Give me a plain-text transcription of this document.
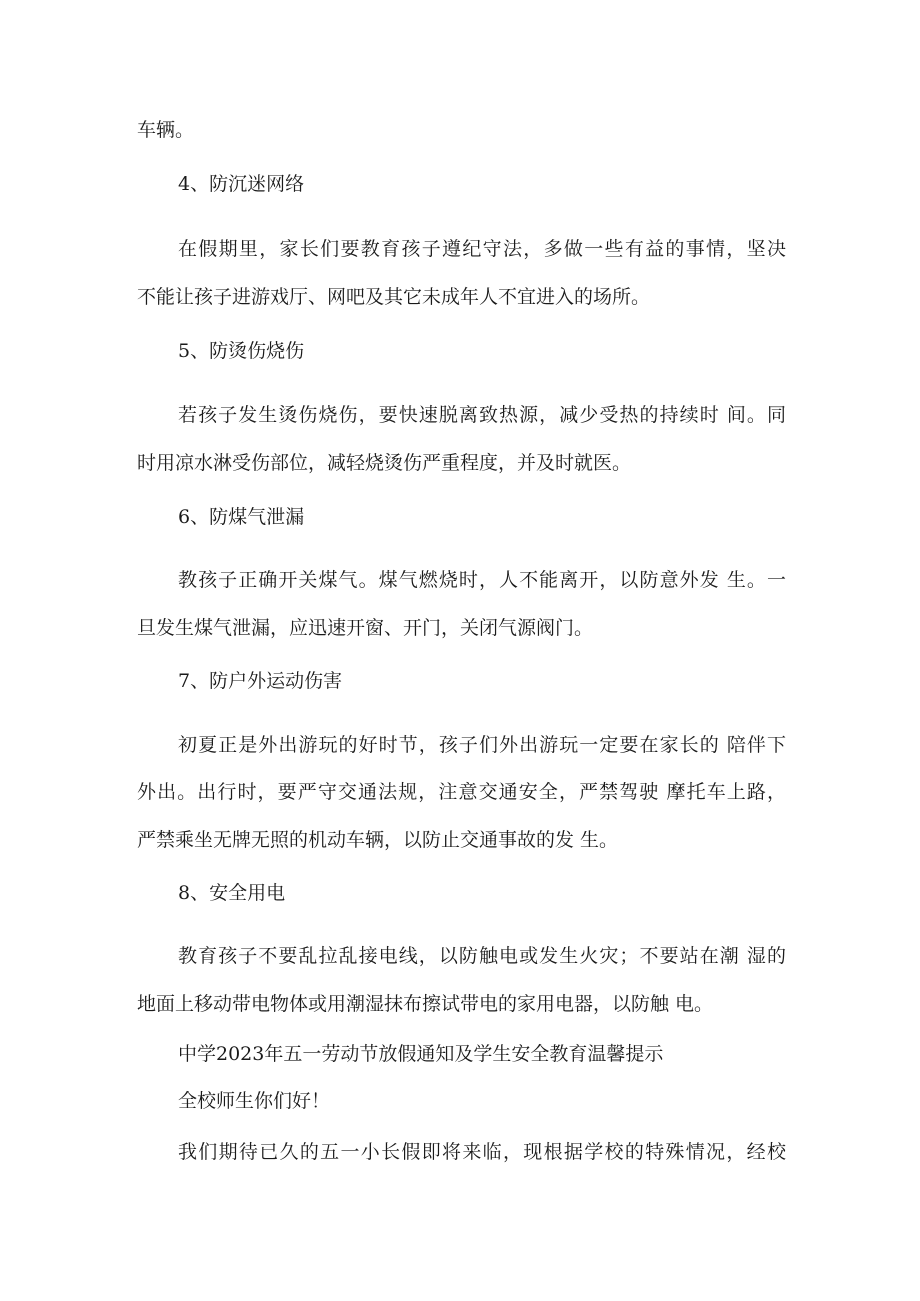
车辆。
4、防沉迷网络
在假期里，家长们要教育孩子遵纪守法，多做一些有益的事情，坚决
不能让孩子进游戏厅、网吧及其它未成年人不宜进入的场所。
5、防烫伤烧伤
若孩子发生烫伤烧伤，要快速脱离致热源，减少受热的持续时 间。同
时用凉水淋受伤部位，减轻烧烫伤严重程度，并及时就医。
6、防煤气泄漏
教孩子正确开关煤气。煤气燃烧时，人不能离开，以防意外发 生。一
旦发生煤气泄漏，应迅速开窗、开门，关闭气源阀门。
7、防户外运动伤害
初夏正是外出游玩的好时节，孩子们外出游玩一定要在家长的 陪伴下
外出。出行时，要严守交通法规，注意交通安全，严禁驾驶 摩托车上路，
严禁乘坐无牌无照的机动车辆，以防止交通事故的发 生。
8、安全用电
教育孩子不要乱拉乱接电线，以防触电或发生火灾；不要站在潮 湿的
地面上移动带电物体或用潮湿抹布擦试带电的家用电器，以防触 电。
中学2023年五一劳动节放假通知及学生安全教育温馨提示
全校师生你们好！
我们期待已久的五一小长假即将来临，现根据学校的特殊情况，经校
